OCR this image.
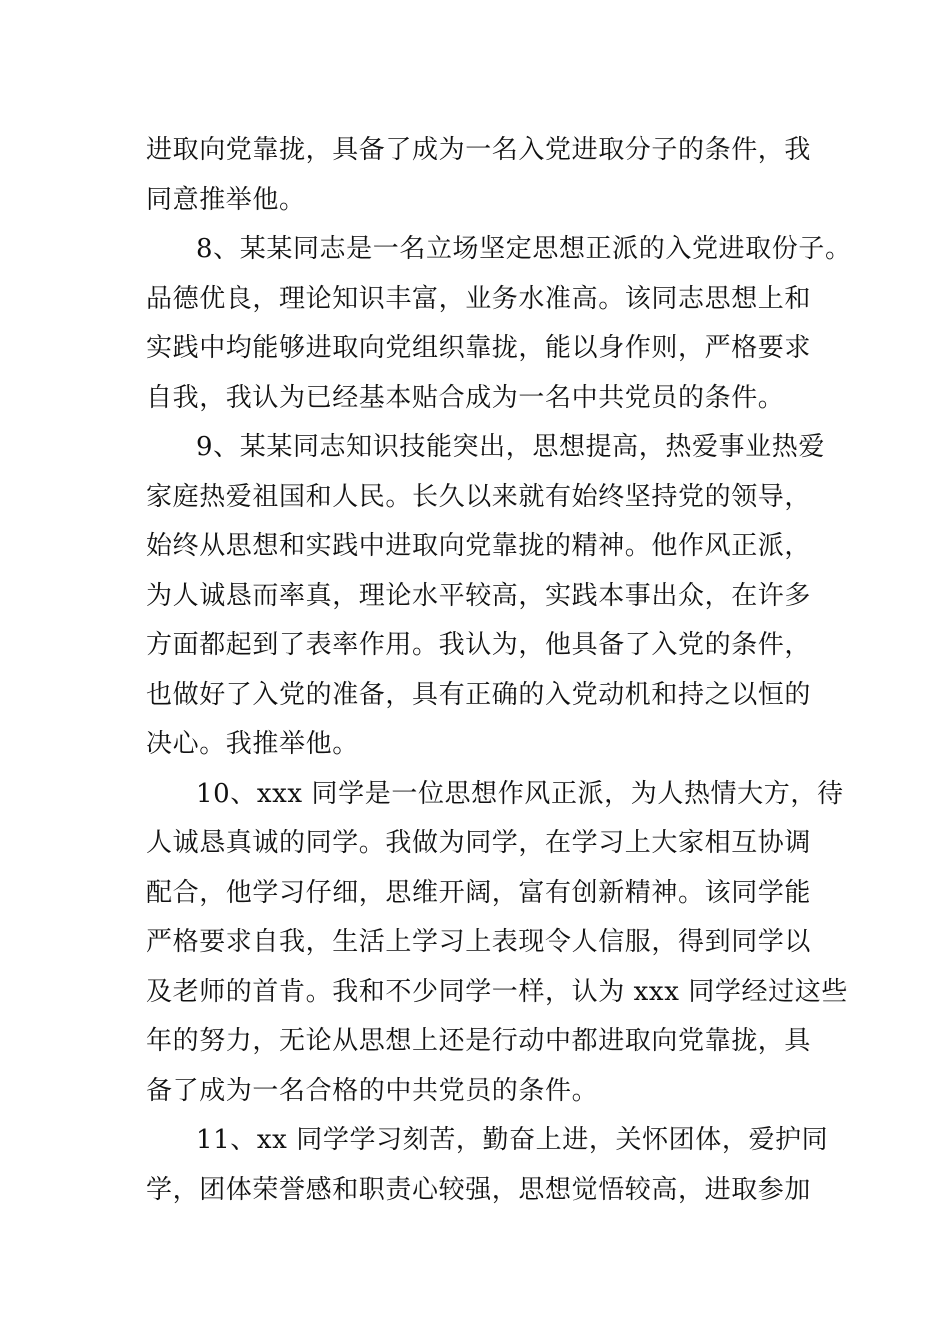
进取向党靠拢，具备了成为一名入党进取分子的条件，我
同意推举他。
8、某某同志是一名立场坚定思想正派的入党进取份子。
品德优良，理论知识丰富，业务水准高。该同志思想上和
实践中均能够进取向党组织靠拢，能以身作则，严格要求
自我，我认为已经基本贴合成为一名中共党员的条件。
9、某某同志知识技能突出，思想提高，热爱事业热爱
家庭热爱祖国和人民。长久以来就有始终坚持党的领导，
始终从思想和实践中进取向党靠拢的精神。他作风正派，
为人诚恳而率真，理论水平较高，实践本事出众，在许多
方面都起到了表率作用。我认为，他具备了入党的条件，
也做好了入党的准备，具有正确的入党动机和持之以恒的
决心。我推举他。
10、xxx 同学是一位思想作风正派，为人热情大方，待
人诚恳真诚的同学。我做为同学，在学习上大家相互协调
配合，他学习仔细，思维开阔，富有创新精神。该同学能
严格要求自我，生活上学习上表现令人信服，得到同学以
及老师的首肯。我和不少同学一样，认为 xxx 同学经过这些
年的努力，无论从思想上还是行动中都进取向党靠拢，具
备了成为一名合格的中共党员的条件。
11、xx 同学学习刻苦，勤奋上进，关怀团体，爱护同
学，团体荣誉感和职责心较强，思想觉悟较高，进取参加
